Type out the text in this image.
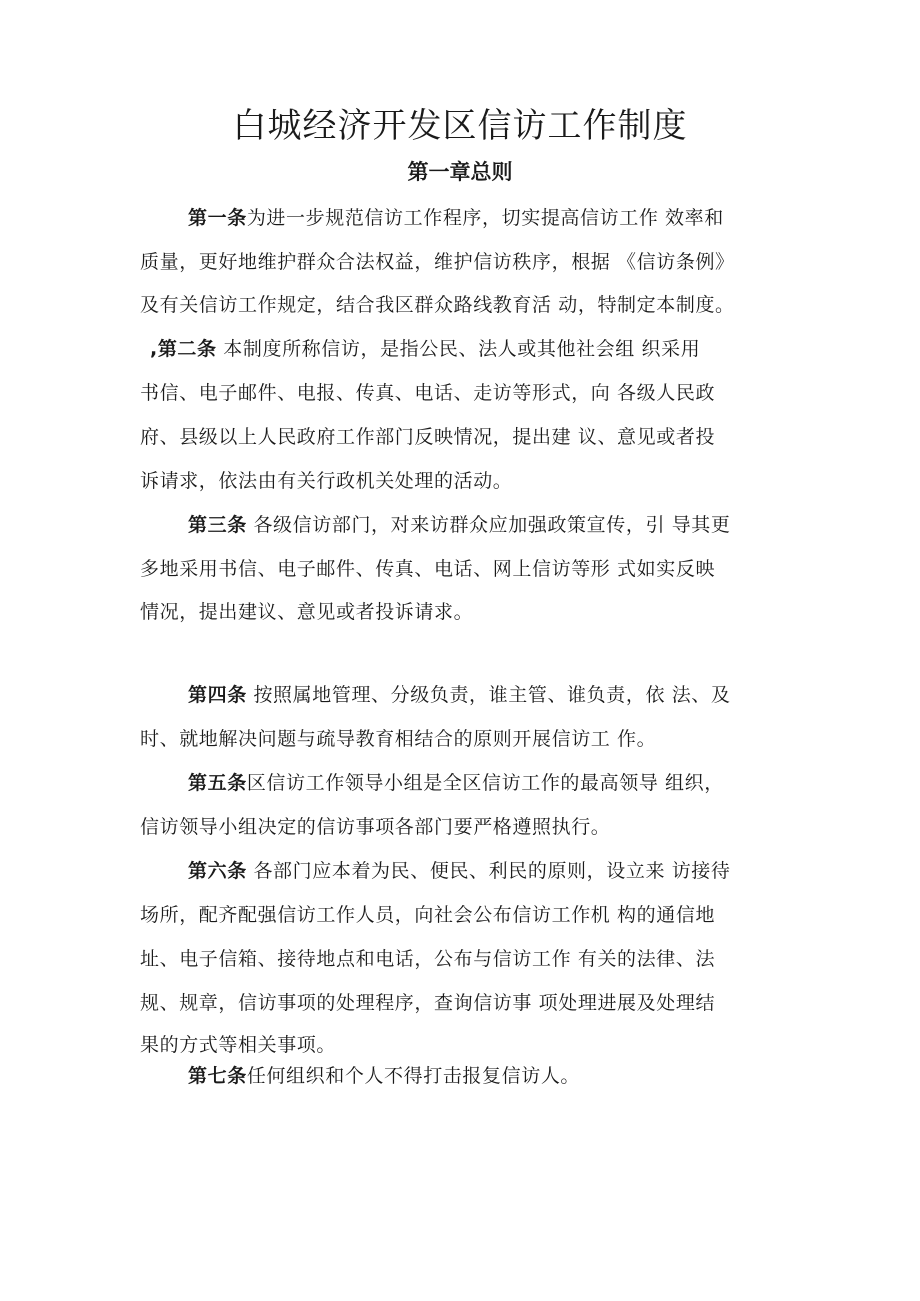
白城经济开发区信访工作制度
第一章总则
第一条为进一步规范信访工作程序，切实提高信访工作 效率和
质量，更好地维护群众合法权益，维护信访秩序，根据 《信访条例》
及有关信访工作规定，结合我区群众路线教育活 动，特制定本制度。
,第二条 本制度所称信访，是指公民、法人或其他社会组 织采用
书信、电子邮件、电报、传真、电话、走访等形式，向 各级人民政
府、县级以上人民政府工作部门反映情况，提出建 议、意见或者投
诉请求，依法由有关行政机关处理的活动。
第三条 各级信访部门，对来访群众应加强政策宣传，引 导其更
多地采用书信、电子邮件、传真、电话、网上信访等形 式如实反映
情况，提出建议、意见或者投诉请求。
第四条 按照属地管理、分级负责，谁主管、谁负责，依 法、及
时、就地解决问题与疏导教育相结合的原则开展信访工 作。
第五条区信访工作领导小组是全区信访工作的最高领导 组织，
信访领导小组决定的信访事项各部门要严格遵照执行。
第六条 各部门应本着为民、便民、利民的原则，设立来 访接待
场所，配齐配强信访工作人员，向社会公布信访工作机 构的通信地
址、电子信箱、接待地点和电话，公布与信访工作 有关的法律、法
规、规章，信访事项的处理程序，查询信访事 项处理进展及处理结
果的方式等相关事项。
第七条任何组织和个人不得打击报复信访人。
